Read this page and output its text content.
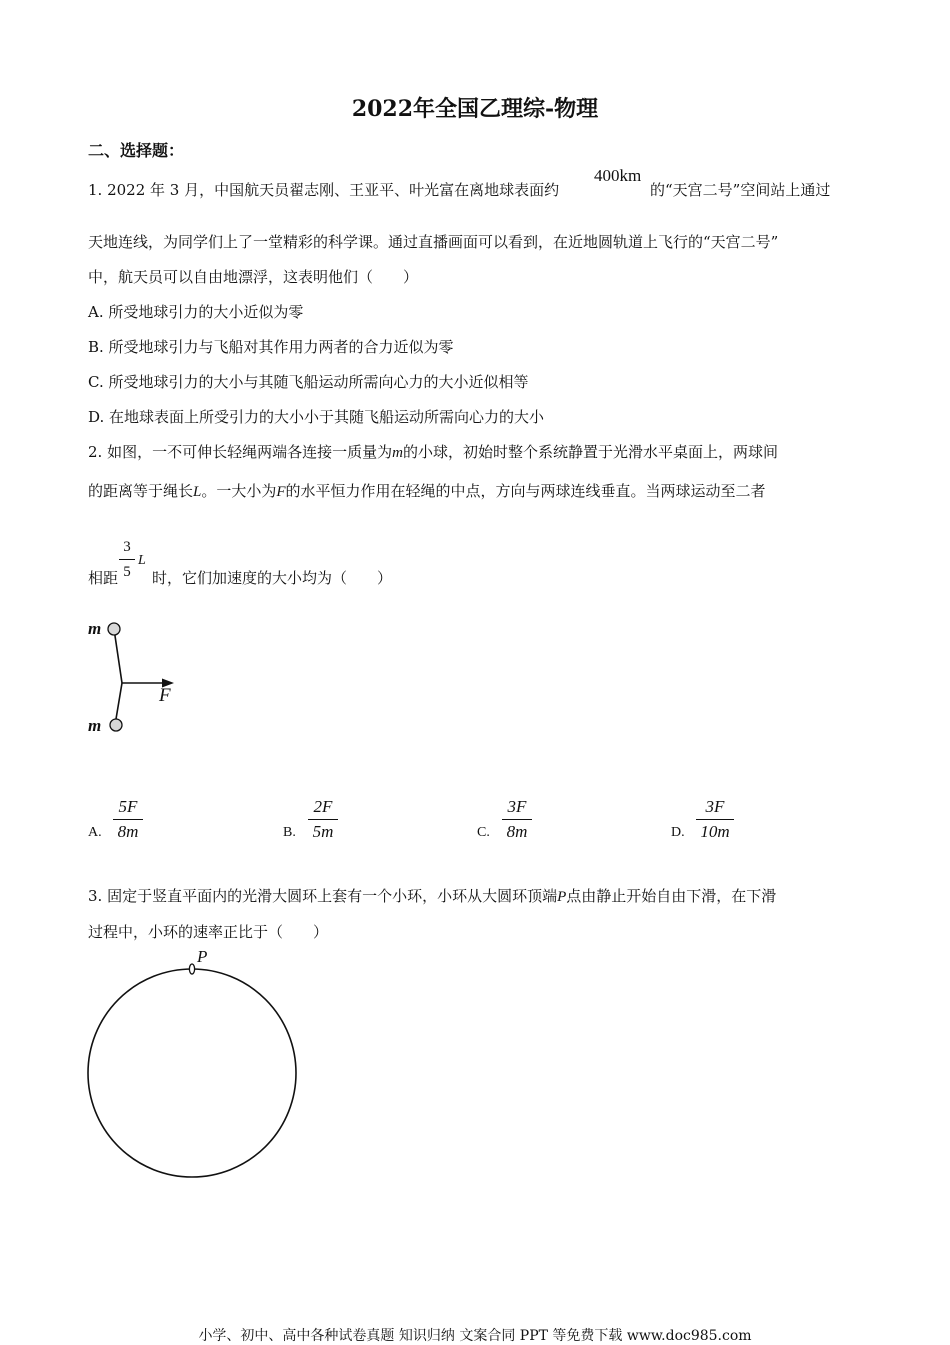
2022年全国乙理综-物理
二、选择题：
1. 2022 年 3 月，中国航天员翟志刚、王亚平、叶光富在离地球表面约
400km
的“天宫二号”空间站上通过
天地连线，为同学们上了一堂精彩的科学课。通过直播画面可以看到，在近地圆轨道上飞行的“天宫二号”
中，航天员可以自由地漂浮，这表明他们（　　）
A. 所受地球引力的大小近似为零
B. 所受地球引力与飞船对其作用力两者的合力近似为零
C. 所受地球引力的大小与其随飞船运动所需向心力的大小近似相等
D. 在地球表面上所受引力的大小小于其随飞船运动所需向心力的大小
2. 如图，一不可伸长轻绳两端各连接一质量为m的小球，初始时整个系统静置于光滑水平桌面上，两球间
的距离等于绳长L。一大小为F的水平恒力作用在轻绳的中点，方向与两球连线垂直。当两球运动至二者
相距
3
5
L
时，它们加速度的大小均为（　　）
m
m
F
A.
5F
8m	B.
2F
5m	C.
3F
8m	D.
3F
10m
3. 固定于竖直平面内的光滑大圆环上套有一个小环，小环从大圆环顶端P点由静止开始自由下滑，在下滑
过程中，小环的速率正比于（　　）
P
小学、初中、高中各种试卷真题 知识归纳 文案合同 PPT 等免费下载 www.doc985.com
